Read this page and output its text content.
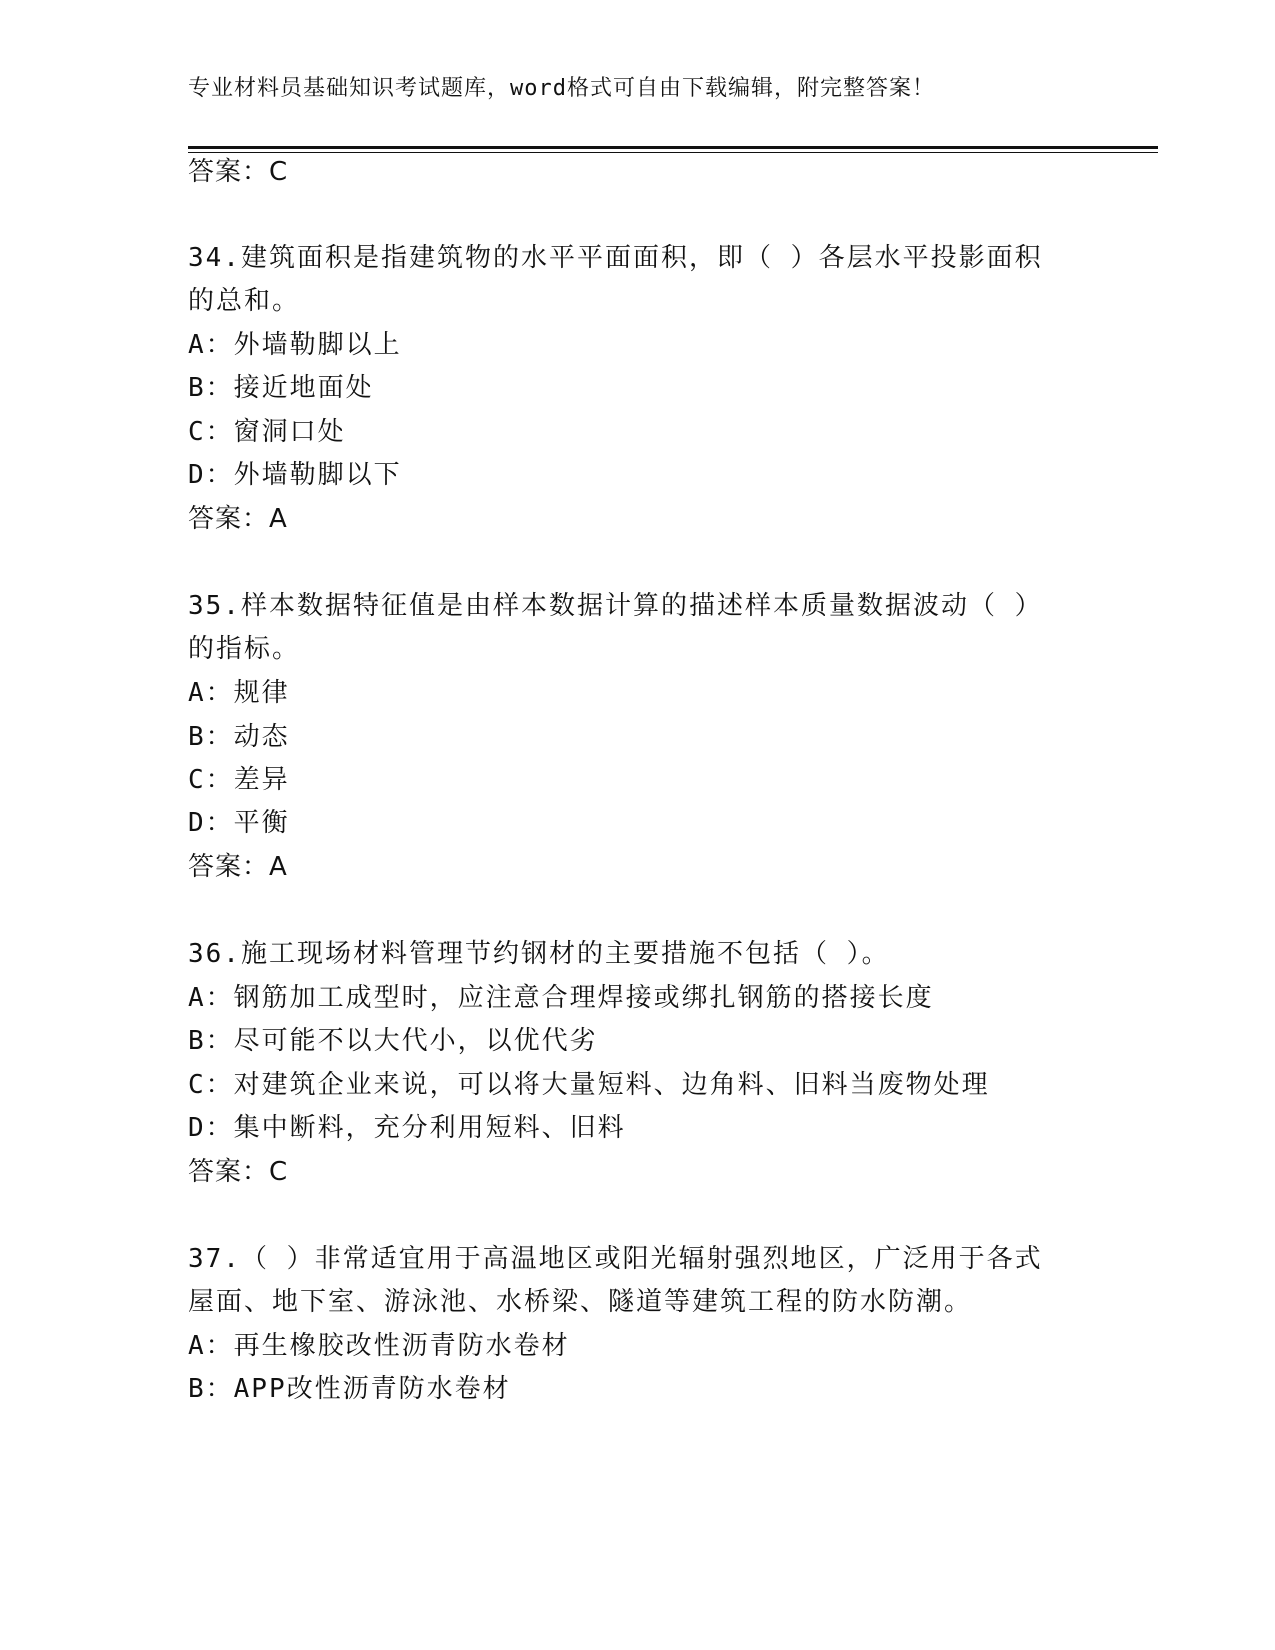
专业材料员基础知识考试题库，word格式可自由下载编辑，附完整答案！
答案：C
34.建筑面积是指建筑物的水平平面面积，即（ ）各层水平投影面积
的总和。
A：外墙勒脚以上
B：接近地面处
C：窗洞口处
D：外墙勒脚以下
答案：A
35.样本数据特征值是由样本数据计算的描述样本质量数据波动（ ）
的指标。
A：规律
B：动态
C：差异
D：平衡
答案：A
36.施工现场材料管理节约钢材的主要措施不包括（ ）。
A：钢筋加工成型时，应注意合理焊接或绑扎钢筋的搭接长度
B：尽可能不以大代小，以优代劣
C：对建筑企业来说，可以将大量短料、边角料、旧料当废物处理
D：集中断料，充分利用短料、旧料
答案：C
37.（ ）非常适宜用于高温地区或阳光辐射强烈地区，广泛用于各式
屋面、地下室、游泳池、水桥梁、隧道等建筑工程的防水防潮。
A：再生橡胶改性沥青防水卷材
B：APP改性沥青防水卷材
